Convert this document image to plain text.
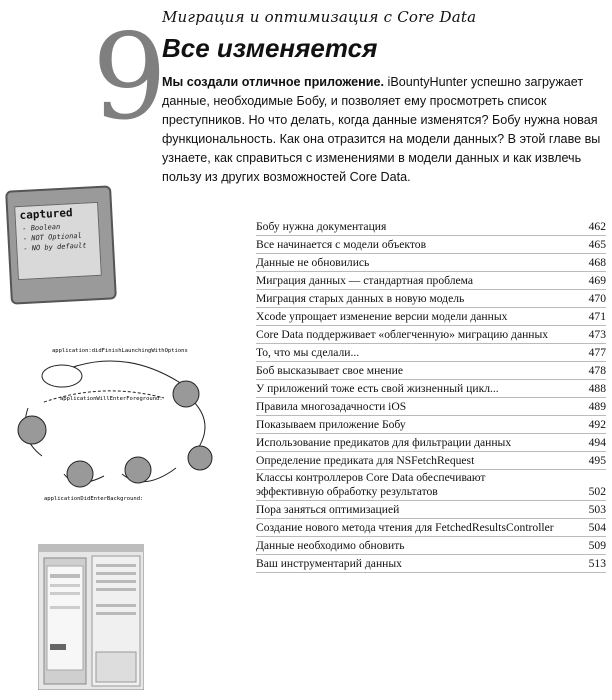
9
Миграция и оптимизация с Core Data
Все изменяется
Мы создали отличное приложение. iBountyHunter успешно загружает данные, необходимые Бобу, и позволяет ему просмотреть список преступников. Но что делать, когда данные изменятся? Бобу нужна новая функциональность. Как она отразится на модели данных? В этой главе вы узнаете, как справиться с изменениями в модели данных и как извлечь пользу из других возможностей Core Data.
captured
- Boolean
- NOT Optional
- NO by default
application:didFinishLaunchingWithOptions
applicationWillEnterForeground:
applicationDidEnterBackground:
Бобу нужна документация	462
Все начинается с модели объектов	465
Данные не обновились	468
Миграция данных — стандартная проблема	469
Миграция старых данных в новую модель	470
Xcode упрощает изменение версии модели данных	471
Core Data поддерживает «облегченную» миграцию данных	473
То, что мы сделали...	477
Боб высказывает свое мнение	478
У приложений тоже есть свой жизненный цикл...	488
Правила многозадачности iOS	489
Показываем приложение Бобу	492
Использование предикатов для фильтрации данных	494
Определение предиката для NSFetchRequest	495
Классы контроллеров Core Data обеспечивают эффективную обработку результатов	502
Пора заняться оптимизацией	503
Создание нового метода чтения для FetchedResultsController	504
Данные необходимо обновить	509
Ваш инструментарий данных	513
